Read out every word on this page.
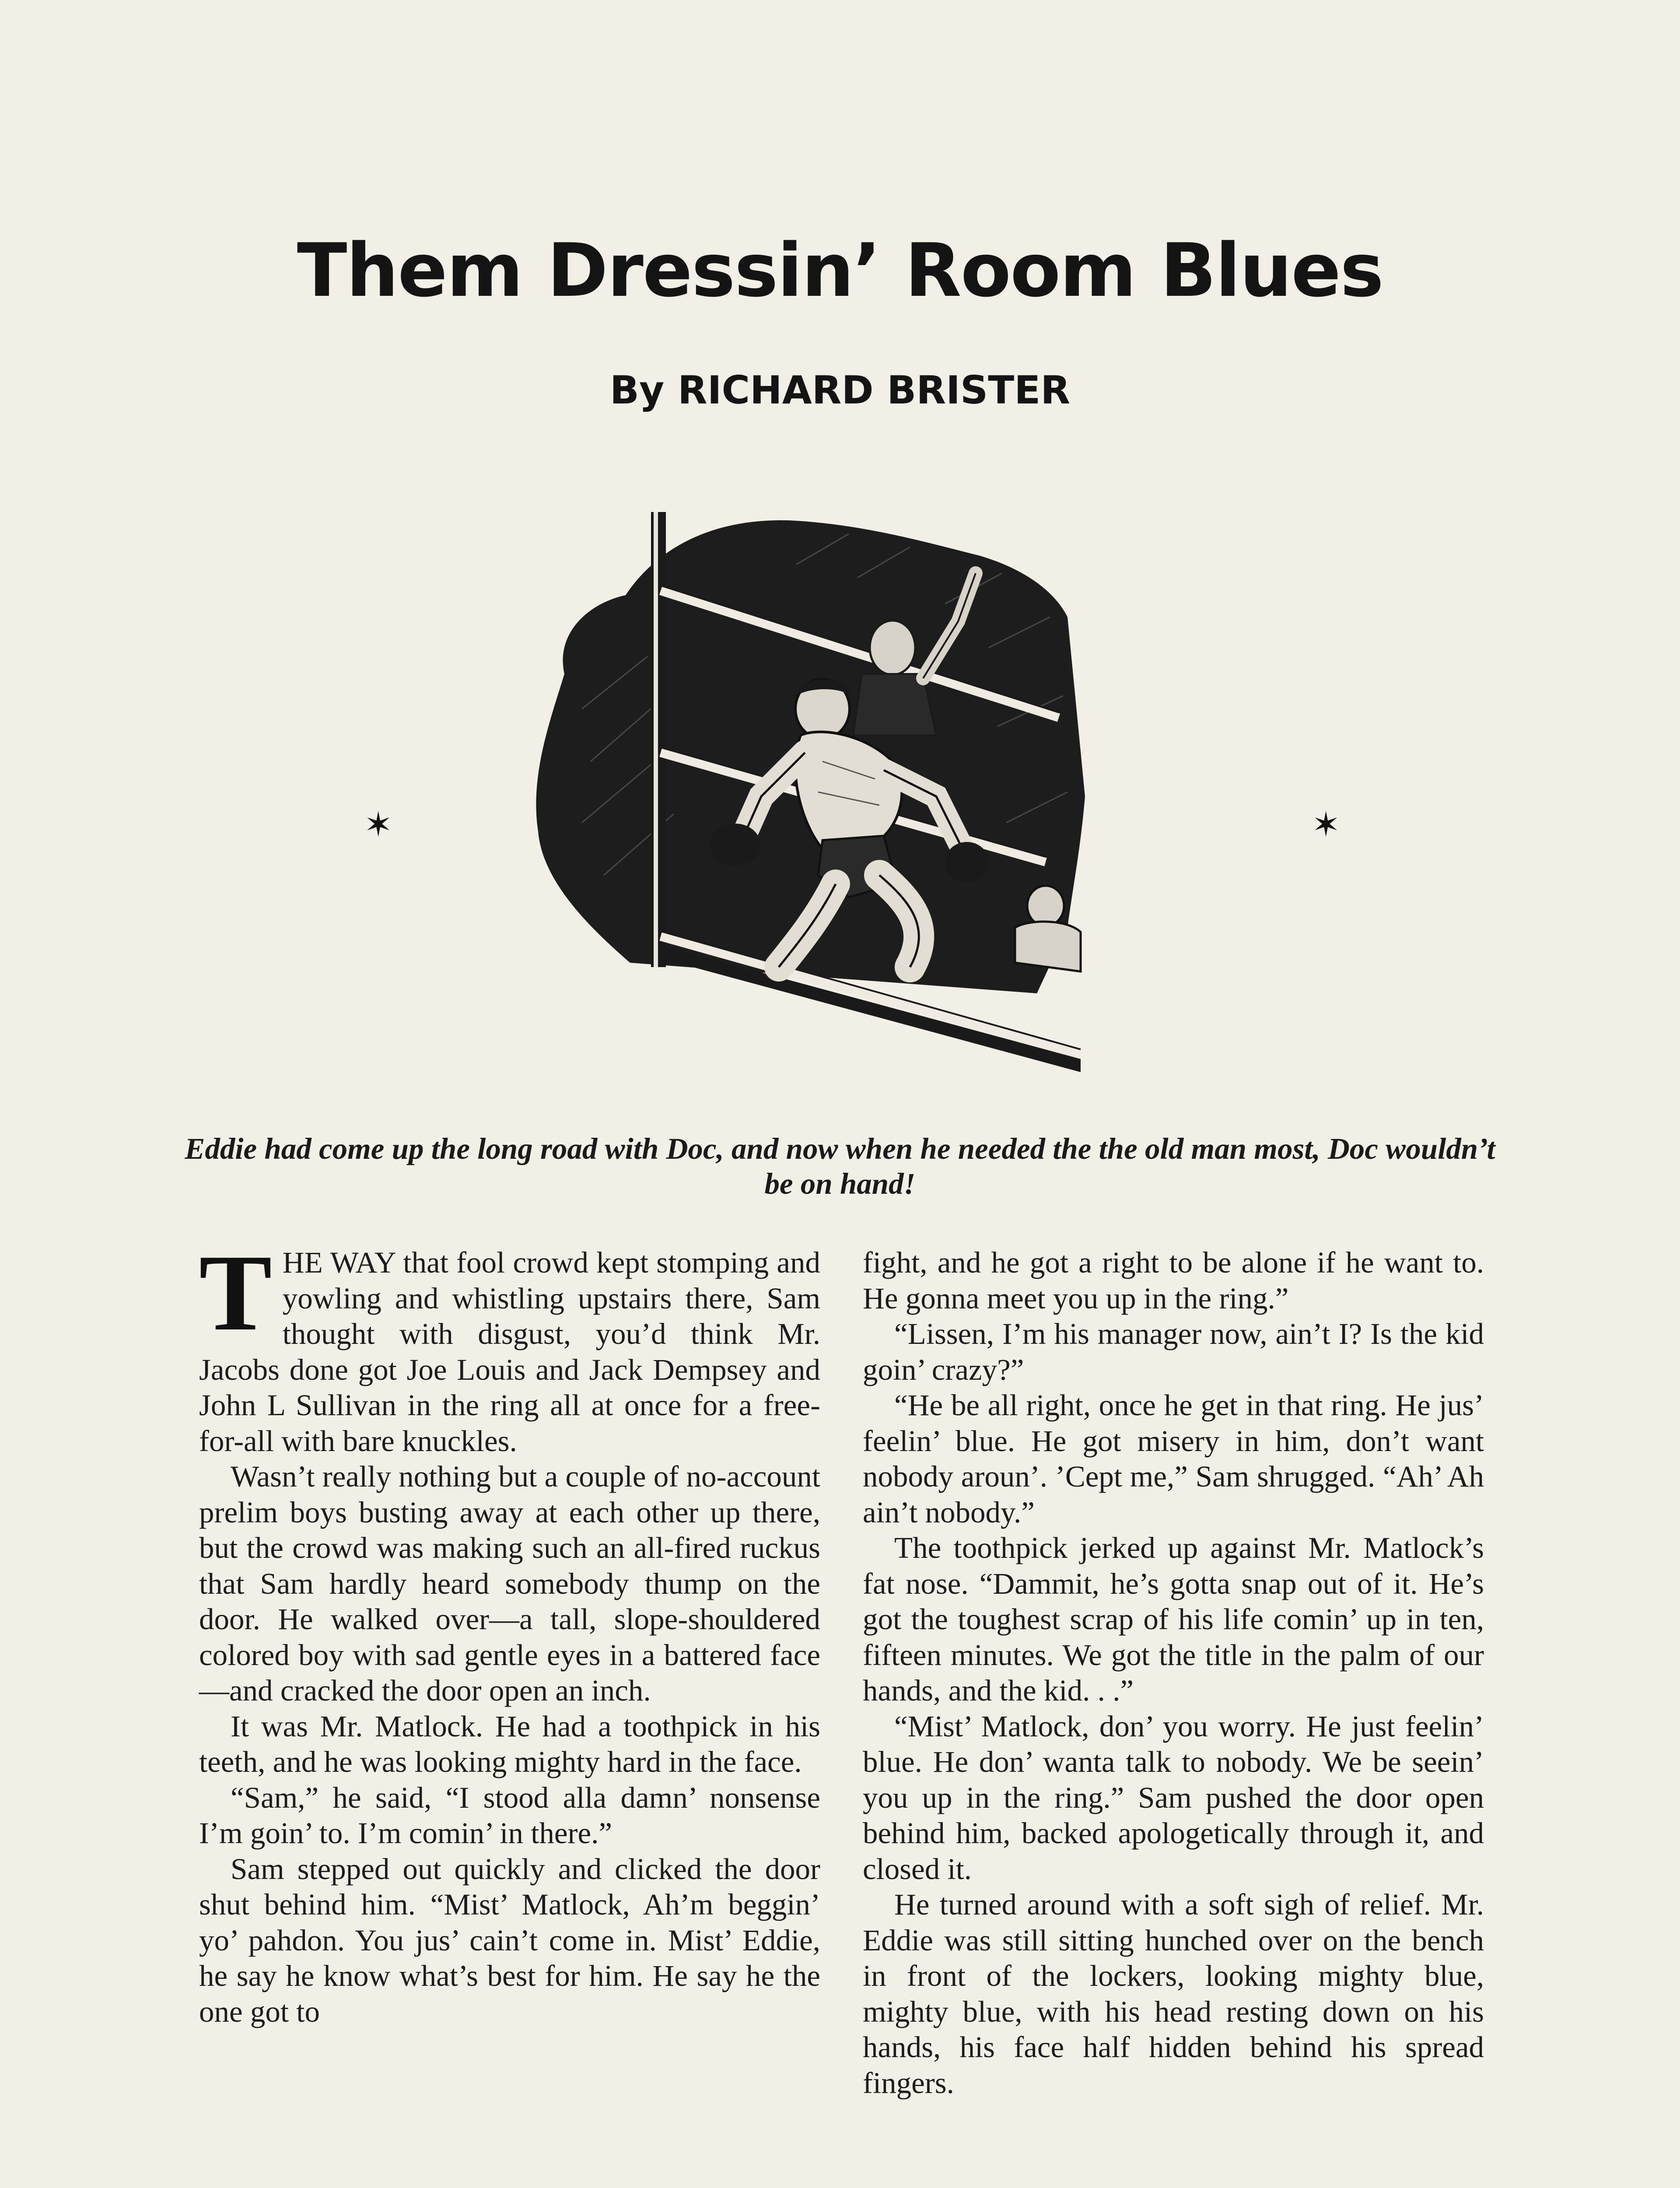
Them Dressin’ Room Blues
By RICHARD BRISTER
✶	✶
Eddie had come up the long road with Doc, and now when he needed the the old man most, Doc wouldn’t be on hand!

THE WAY that fool crowd kept stomping and yowling and whistling upstairs there, Sam thought with disgust, you’d think Mr. Jacobs done got Joe Louis and Jack Dempsey and John L Sullivan in the ring all at once for a free-for-all with bare knuckles.

Wasn’t really nothing but a couple of no-account prelim boys busting away at each other up there, but the crowd was making such an all-fired ruckus that Sam hardly heard somebody thump on the door. He walked over—a tall, slope-shouldered colored boy with sad gentle eyes in a battered face—and cracked the door open an inch.

It was Mr. Matlock. He had a toothpick in his teeth, and he was looking mighty hard in the face.

“Sam,” he said, “I stood alla damn’ nonsense I’m goin’ to. I’m comin’ in there.”

Sam stepped out quickly and clicked the door shut behind him. “Mist’ Matlock, Ah’m beggin’ yo’ pahdon. You jus’ cain’t come in. Mist’ Eddie, he say he know what’s best for him. He say he the one got to

fight, and he got a right to be alone if he want to. He gonna meet you up in the ring.”

“Lissen, I’m his manager now, ain’t I? Is the kid goin’ crazy?”

“He be all right, once he get in that ring. He jus’ feelin’ blue. He got misery in him, don’t want nobody aroun’. ’Cept me,” Sam shrugged. “Ah’ Ah ain’t nobody.”

The toothpick jerked up against Mr. Matlock’s fat nose. “Dammit, he’s gotta snap out of it. He’s got the toughest scrap of his life comin’ up in ten, fifteen minutes. We got the title in the palm of our hands, and the kid. . .”

“Mist’ Matlock, don’ you worry. He just feelin’ blue. He don’ wanta talk to nobody. We be seein’ you up in the ring.” Sam pushed the door open behind him, backed apologetically through it, and closed it.

He turned around with a soft sigh of relief. Mr. Eddie was still sitting hunched over on the bench in front of the lockers, looking mighty blue, mighty blue, with his head resting down on his hands, his face half hidden behind his spread fingers.
